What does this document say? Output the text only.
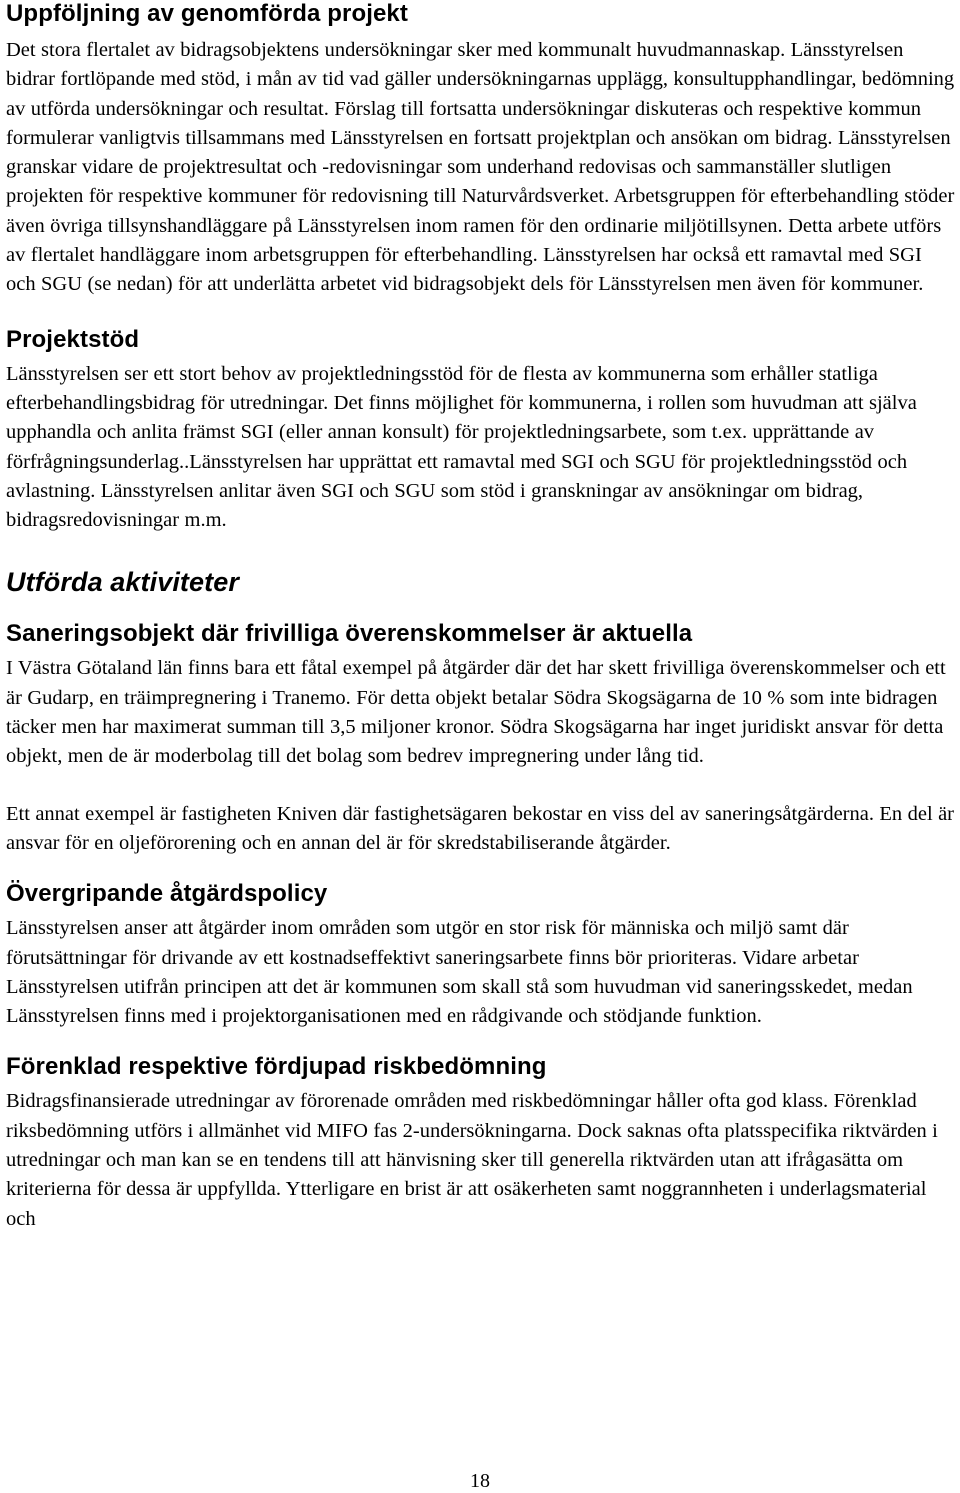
Uppföljning av genomförda projekt

Det stora flertalet av bidragsobjektens undersökningar sker med kommunalt huvudmannaskap. Länsstyrelsen bidrar fortlöpande med stöd, i mån av tid vad gäller undersökningarnas upplägg, konsultupphandlingar, bedömning av utförda undersökningar och resultat. Förslag till fortsatta undersökningar diskuteras och respektive kommun formulerar vanligtvis tillsammans med Länsstyrelsen en fortsatt projektplan och ansökan om bidrag. Länsstyrelsen granskar vidare de projektresultat och -redovisningar som underhand redovisas och sammanställer slutligen projekten för respektive kommuner för redovisning till Naturvårdsverket. Arbetsgruppen för efterbehandling stöder även övriga tillsynshandläggare på Länsstyrelsen inom ramen för den ordinarie miljötillsynen. Detta arbete utförs av flertalet handläggare inom arbetsgruppen för efterbehandling. Länsstyrelsen har också ett ramavtal med SGI och SGU (se nedan) för att underlätta arbetet vid bidragsobjekt dels för Länsstyrelsen men även för kommuner.

Projektstöd

Länsstyrelsen ser ett stort behov av projektledningsstöd för de flesta av kommunerna som erhåller statliga efterbehandlingsbidrag för utredningar. Det finns möjlighet för kommunerna, i rollen som huvudman att själva upphandla och anlita främst SGI (eller annan konsult) för projektledningsarbete, som t.ex. upprättande av förfrågningsunderlag..Länsstyrelsen har upprättat ett ramavtal med SGI och SGU för projektledningsstöd och avlastning. Länsstyrelsen anlitar även SGI och SGU som stöd i granskningar av ansökningar om bidrag, bidragsredovisningar m.m.

Utförda aktiviteter
Saneringsobjekt där frivilliga överenskommelser är aktuella

I Västra Götaland län finns bara ett fåtal exempel på åtgärder där det har skett frivilliga överenskommelser och ett är Gudarp, en träimpregnering i Tranemo. För detta objekt betalar Södra Skogsägarna de 10 % som inte bidragen täcker men har maximerat summan till 3,5 miljoner kronor. Södra Skogsägarna har inget juridiskt ansvar för detta objekt, men de är moderbolag till det bolag som bedrev impregnering under lång tid.

Ett annat exempel är fastigheten Kniven där fastighetsägaren bekostar en viss del av saneringsåtgärderna. En del är ansvar för en oljeförorening och en annan del är för skredstabiliserande åtgärder.

Övergripande åtgärdspolicy

Länsstyrelsen anser att åtgärder inom områden som utgör en stor risk för människa och miljö samt där förutsättningar för drivande av ett kostnadseffektivt saneringsarbete finns bör prioriteras. Vidare arbetar Länsstyrelsen utifrån principen att det är kommunen som skall stå som huvudman vid saneringsskedet, medan Länsstyrelsen finns med i projektorganisationen med en rådgivande och stödjande funktion.

Förenklad respektive fördjupad riskbedömning

Bidragsfinansierade utredningar av förorenade områden med riskbedömningar håller ofta god klass. Förenklad riksbedömning utförs i allmänhet vid MIFO fas 2-undersökningarna. Dock saknas ofta platsspecifika riktvärden i utredningar och man kan se en tendens till att hänvisning sker till generella riktvärden utan att ifrågasätta om kriterierna för dessa är uppfyllda. Ytterligare en brist är att osäkerheten samt noggrannheten i underlagsmaterial och

18
